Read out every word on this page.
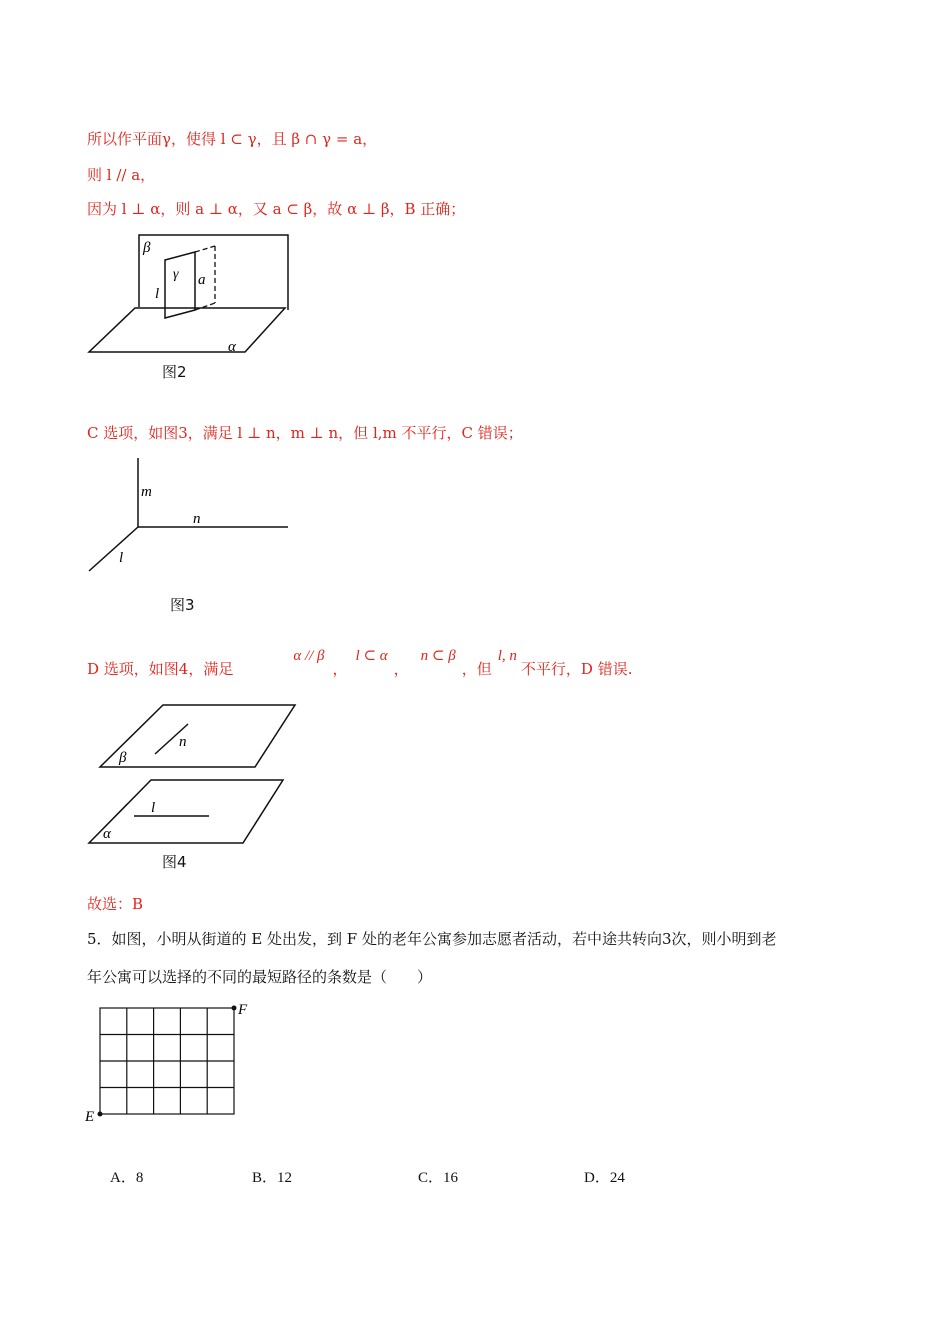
所以作平面γ，使得 l ⊂ γ，且 β ∩ γ = a，
则 l // a，
因为 l ⊥ α，则 a ⊥ α，又 a ⊂ β，故 α ⊥ β，B 正确；
β
γ a
l
α
图2
C 选项，如图3，满足 l ⊥ n，m ⊥ n，但 l,m 不平行，C 错误；
m
n
l
图3
D 选项，如图4，满足α // β，l ⊂ α，n ⊂ β，但l, n不平行，D 错误.
n
β
l
α
图4
故选：B
5．如图，小明从街道的 E 处出发，到 F 处的老年公寓参加志愿者活动，若中途共转向3次，则小明到老
年公寓可以选择的不同的最短路径的条数是（　　）
F
E
A．8	B．12	C．16	D．24
